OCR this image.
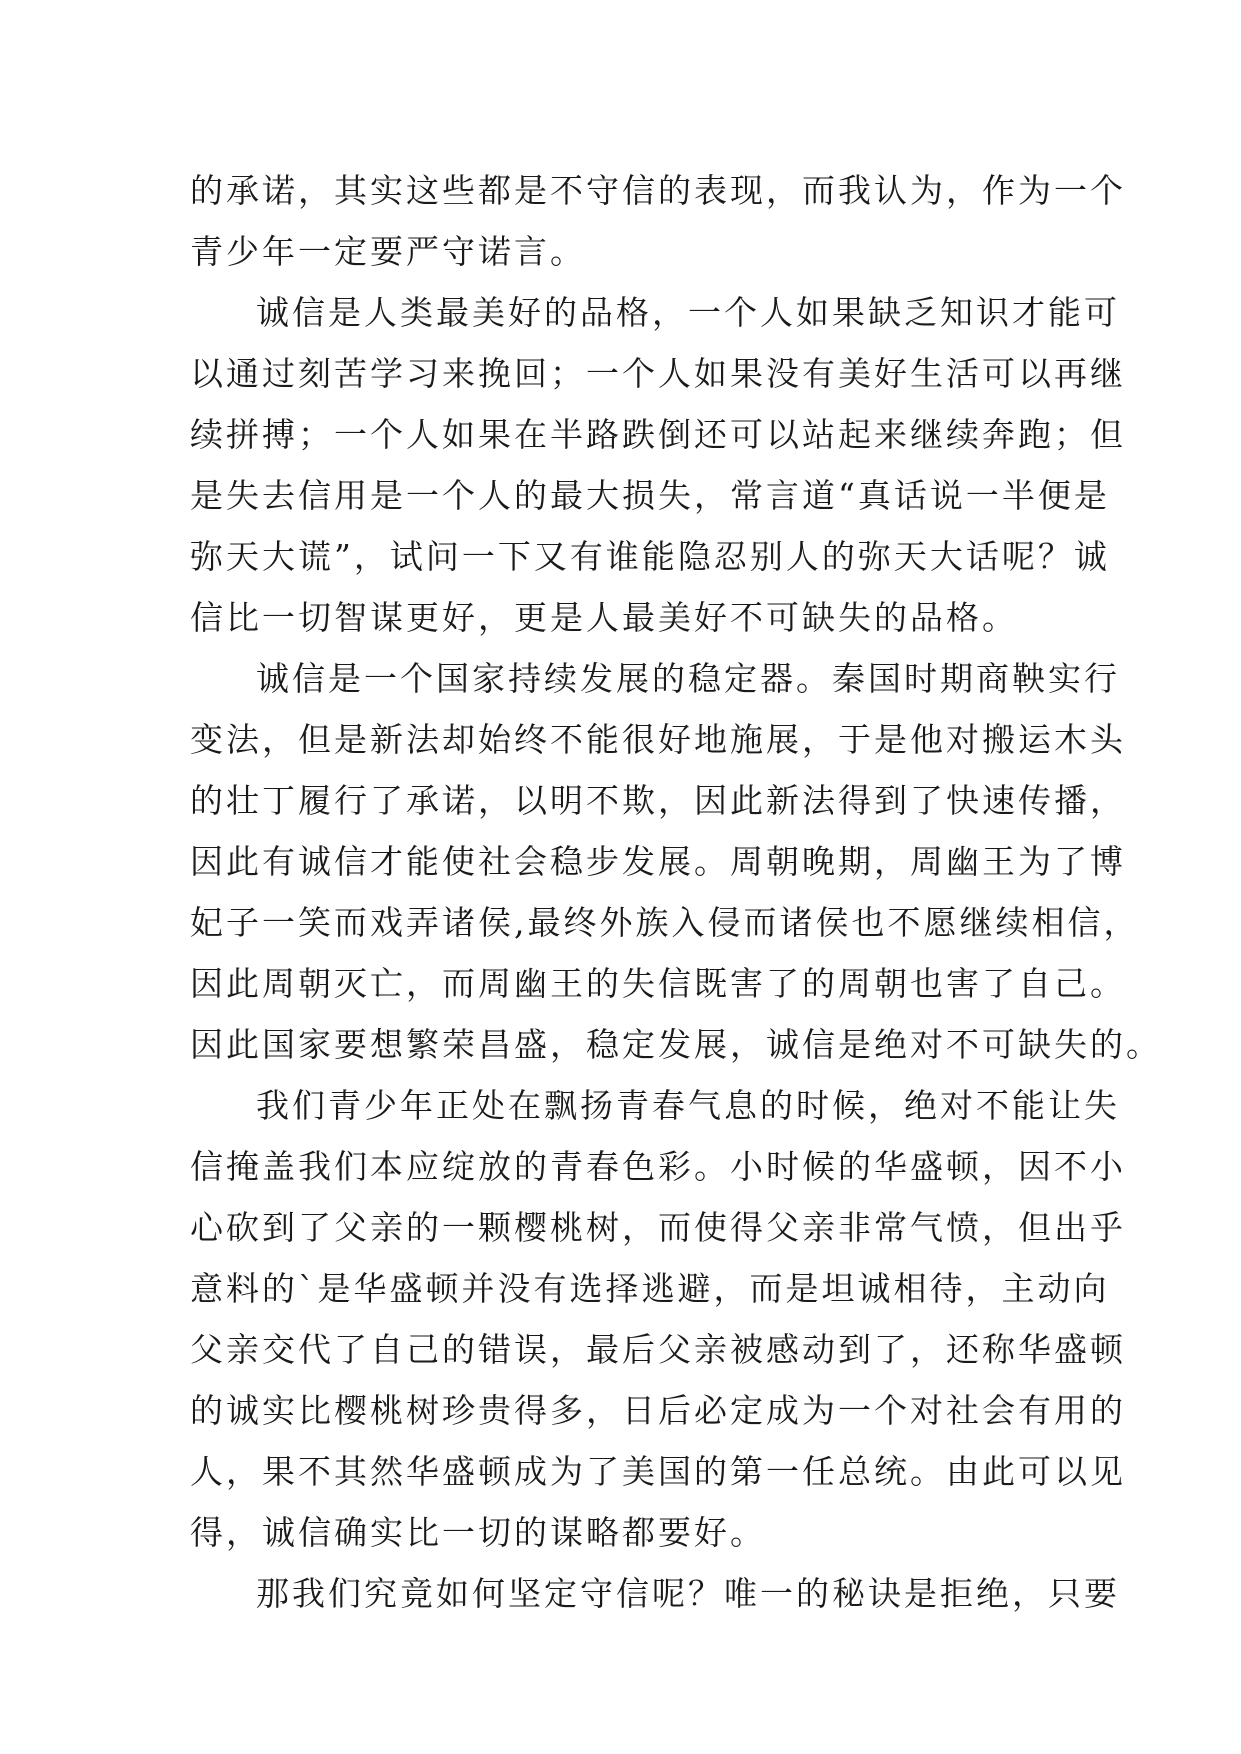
的承诺，其实这些都是不守信的表现，而我认为，作为一个
青少年一定要严守诺言。
诚信是人类最美好的品格，一个人如果缺乏知识才能可
以通过刻苦学习来挽回；一个人如果没有美好生活可以再继
续拼搏；一个人如果在半路跌倒还可以站起来继续奔跑；但
是失去信用是一个人的最大损失，常言道“真话说一半便是
弥天大谎”，试问一下又有谁能隐忍别人的弥天大话呢？诚
信比一切智谋更好，更是人最美好不可缺失的品格。
诚信是一个国家持续发展的稳定器。秦国时期商鞅实行
变法，但是新法却始终不能很好地施展，于是他对搬运木头
的壮丁履行了承诺，以明不欺，因此新法得到了快速传播，
因此有诚信才能使社会稳步发展。周朝晚期，周幽王为了博
妃子一笑而戏弄诸侯,最终外族入侵而诸侯也不愿继续相信，
因此周朝灭亡，而周幽王的失信既害了的周朝也害了自己。
因此国家要想繁荣昌盛，稳定发展，诚信是绝对不可缺失的。
我们青少年正处在飘扬青春气息的时候，绝对不能让失
信掩盖我们本应绽放的青春色彩。小时候的华盛顿，因不小
心砍到了父亲的一颗樱桃树，而使得父亲非常气愤，但出乎
意料的`是华盛顿并没有选择逃避，而是坦诚相待，主动向
父亲交代了自己的错误，最后父亲被感动到了，还称华盛顿
的诚实比樱桃树珍贵得多，日后必定成为一个对社会有用的
人，果不其然华盛顿成为了美国的第一任总统。由此可以见
得，诚信确实比一切的谋略都要好。
那我们究竟如何坚定守信呢？唯一的秘诀是拒绝，只要
